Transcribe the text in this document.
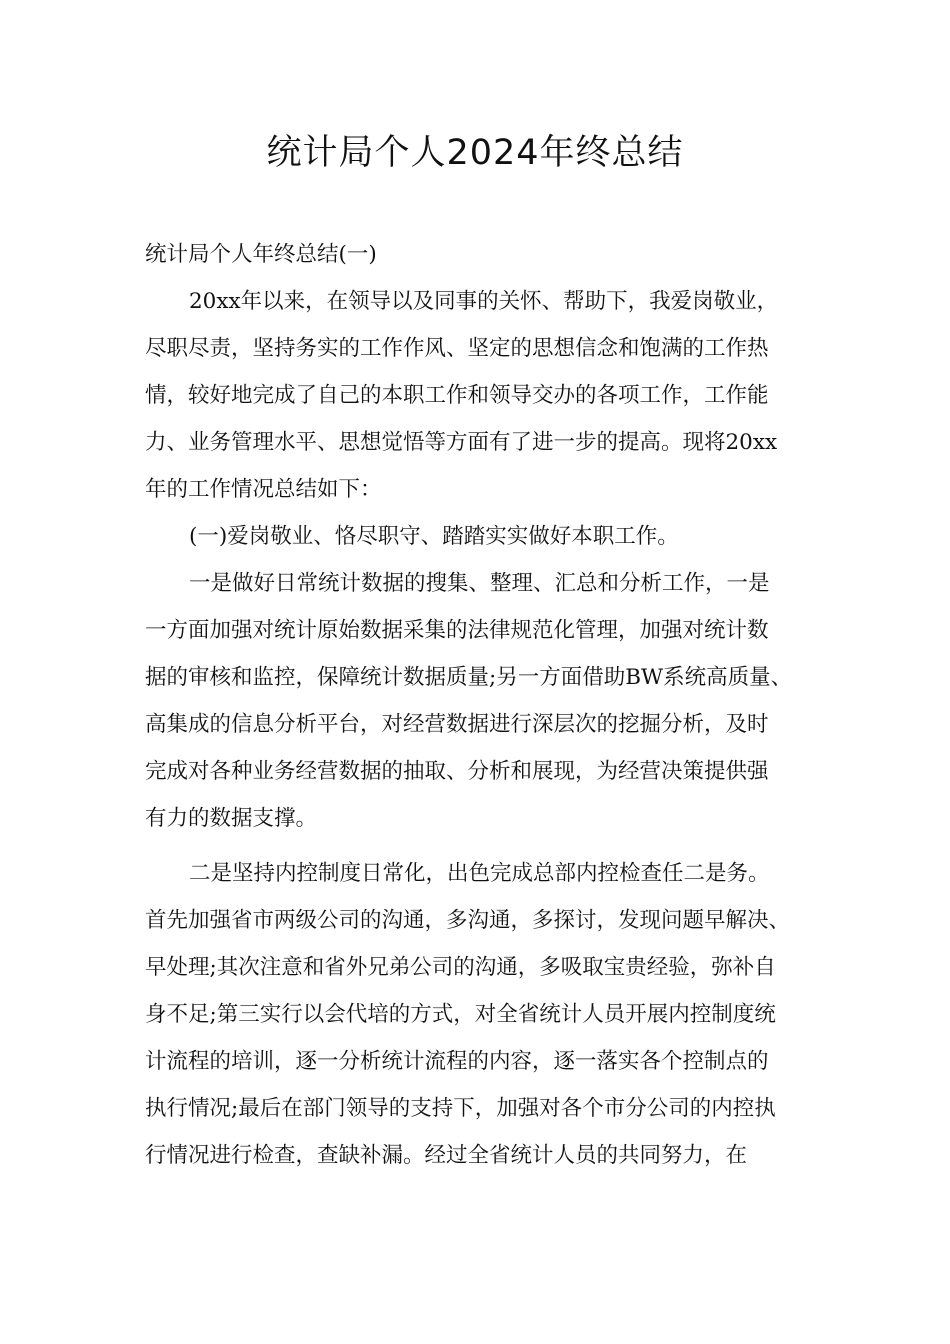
统计局个人2024年终总结
统计局个人年终总结(一)
20xx年以来，在领导以及同事的关怀、帮助下，我爱岗敬业，
尽职尽责，坚持务实的工作作风、坚定的思想信念和饱满的工作热
情，较好地完成了自己的本职工作和领导交办的各项工作，工作能
力、业务管理水平、思想觉悟等方面有了进一步的提高。现将20xx
年的工作情况总结如下：
(一)爱岗敬业、恪尽职守、踏踏实实做好本职工作。
一是做好日常统计数据的搜集、整理、汇总和分析工作，一是
一方面加强对统计原始数据采集的法律规范化管理，加强对统计数
据的审核和监控，保障统计数据质量;另一方面借助BW系统高质量、
高集成的信息分析平台，对经营数据进行深层次的挖掘分析，及时
完成对各种业务经营数据的抽取、分析和展现，为经营决策提供强
有力的数据支撑。
二是坚持内控制度日常化，出色完成总部内控检查任二是务。
首先加强省市两级公司的沟通，多沟通，多探讨，发现问题早解决、
早处理;其次注意和省外兄弟公司的沟通，多吸取宝贵经验，弥补自
身不足;第三实行以会代培的方式，对全省统计人员开展内控制度统
计流程的培训，逐一分析统计流程的内容，逐一落实各个控制点的
执行情况;最后在部门领导的支持下，加强对各个市分公司的内控执
行情况进行检查，查缺补漏。经过全省统计人员的共同努力，在
